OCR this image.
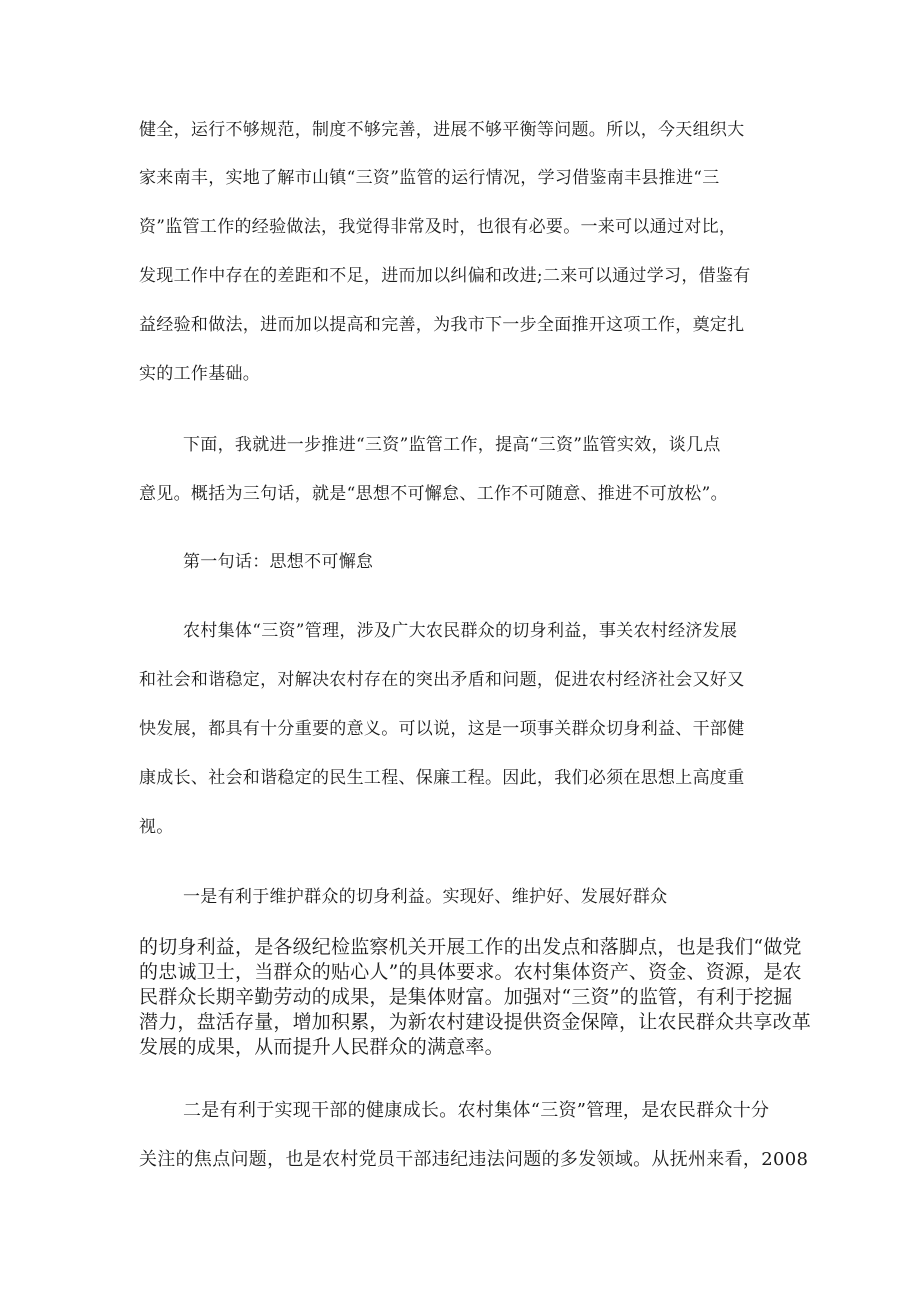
健全，运行不够规范，制度不够完善，进展不够平衡等问题。所以，今天组织大
家来南丰，实地了解市山镇“三资”监管的运行情况，学习借鉴南丰县推进“三
资”监管工作的经验做法，我觉得非常及时，也很有必要。一来可以通过对比，
发现工作中存在的差距和不足，进而加以纠偏和改进;二来可以通过学习，借鉴有
益经验和做法，进而加以提高和完善，为我市下一步全面推开这项工作，奠定扎
实的工作基础。
下面，我就进一步推进“三资”监管工作，提高“三资”监管实效，谈几点
意见。概括为三句话，就是“思想不可懈怠、工作不可随意、推进不可放松”。
第一句话：思想不可懈怠
农村集体“三资”管理，涉及广大农民群众的切身利益，事关农村经济发展
和社会和谐稳定，对解决农村存在的突出矛盾和问题，促进农村经济社会又好又
快发展，都具有十分重要的意义。可以说，这是一项事关群众切身利益、干部健
康成长、社会和谐稳定的民生工程、保廉工程。因此，我们必须在思想上高度重
视。
一是有利于维护群众的切身利益。实现好、维护好、发展好群众
的切身利益，是各级纪检监察机关开展工作的出发点和落脚点，也是我们“做党
的忠诚卫士，当群众的贴心人”的具体要求。农村集体资产、资金、资源，是农
民群众长期辛勤劳动的成果，是集体财富。加强对“三资”的监管，有利于挖掘
潜力，盘活存量，增加积累，为新农村建设提供资金保障，让农民群众共享改革
发展的成果，从而提升人民群众的满意率。
二是有利于实现干部的健康成长。农村集体“三资”管理，是农民群众十分
关注的焦点问题，也是农村党员干部违纪违法问题的多发领域。从抚州来看，2008
